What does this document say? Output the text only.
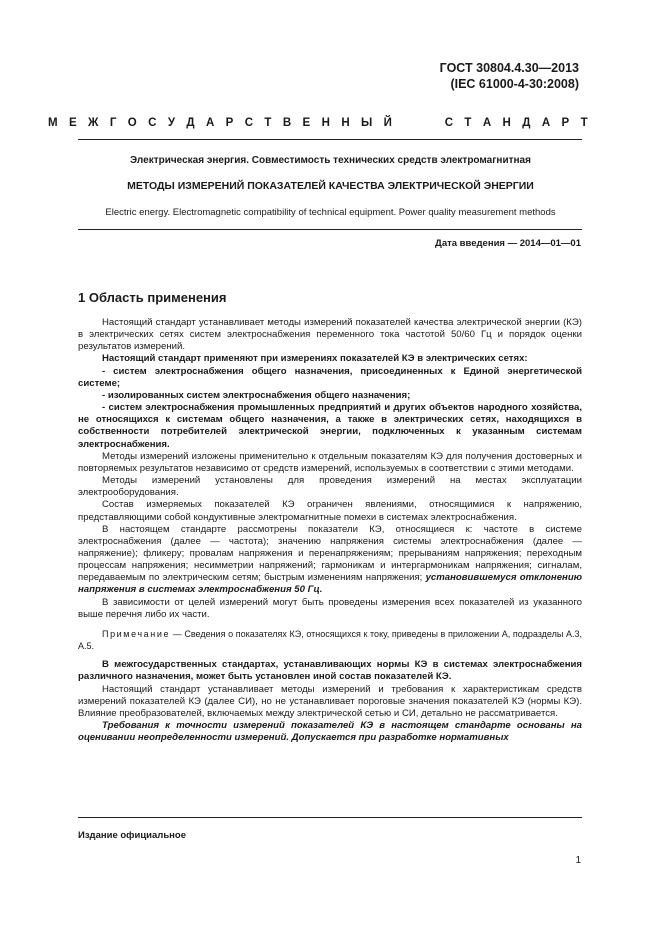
ГОСТ 30804.4.30—2013
(IEC 61000-4-30:2008)
М Е Ж Г О С У Д А Р С Т В Е Н Н Ы Й	С Т А Н Д А Р Т
Электрическая энергия. Совместимость технических средств электромагнитная
МЕТОДЫ ИЗМЕРЕНИЙ ПОКАЗАТЕЛЕЙ КАЧЕСТВА ЭЛЕКТРИЧЕСКОЙ ЭНЕРГИИ
Electric energy. Electromagnetic compatibility of technical equipment. Power quality measurement methods
Дата введения — 2014—01—01
1 Область применения

Настоящий стандарт устанавливает методы измерений показателей качества электрической энергии (КЭ) в электрических сетях систем электроснабжения переменного тока частотой 50/60 Гц и порядок оценки результатов измерений.

Настоящий стандарт применяют при измерениях показателей КЭ в электрических сетях:

- систем электроснабжения общего назначения, присоединенных к Единой энергетической системе;

- изолированных систем электроснабжения общего назначения;

- систем электроснабжения промышленных предприятий и других объектов народного хозяйства, не относящихся к системам общего назначения, а также в электрических сетях, находящихся в собственности потребителей электрической энергии, подключенных к указанным системам электроснабжения.

Методы измерений изложены применительно к отдельным показателям КЭ для получения достоверных и повторяемых результатов независимо от средств измерений, используемых в соответствии с этими методами.

Методы измерений установлены для проведения измерений на местах эксплуатации электрооборудования.

Состав измеряемых показателей КЭ ограничен явлениями, относящимися к напряжению, представляющими собой кондуктивные электромагнитные помехи в системах электроснабжения.

В настоящем стандарте рассмотрены показатели КЭ, относящиеся к: частоте в системе электроснабжения (далее — частота); значению напряжения системы электроснабжения (далее — напряжение); фликеру; провалам напряжения и перенапряжениям; прерываниям напряжения; переходным процессам напряжения; несимметрии напряжений; гармоникам и интергармоникам напряжения; сигналам, передаваемым по электрическим сетям; быстрым изменениям напряжения; установившемуся отклонению напряжения в системах электроснабжения 50 Гц.

В зависимости от целей измерений могут быть проведены измерения всех показателей из указанного выше перечня либо их части.

Примечание — Сведения о показателях КЭ, относящихся к току, приведены в приложении А, подразделы А.3, А.5.

В межгосударственных стандартах, устанавливающих нормы КЭ в системах электроснабжения различного назначения, может быть установлен иной состав показателей КЭ.

Настоящий стандарт устанавливает методы измерений и требования к характеристикам средств измерений показателей КЭ (далее СИ), но не устанавливает пороговые значения показателей КЭ (нормы КЭ). Влияние преобразователей, включаемых между электрической сетью и СИ, детально не рассматривается.

Требования к точности измерений показателей КЭ в настоящем стандарте основаны на оценивании неопределенности измерений. Допускается при разработке нормативных

Издание официальное
1
